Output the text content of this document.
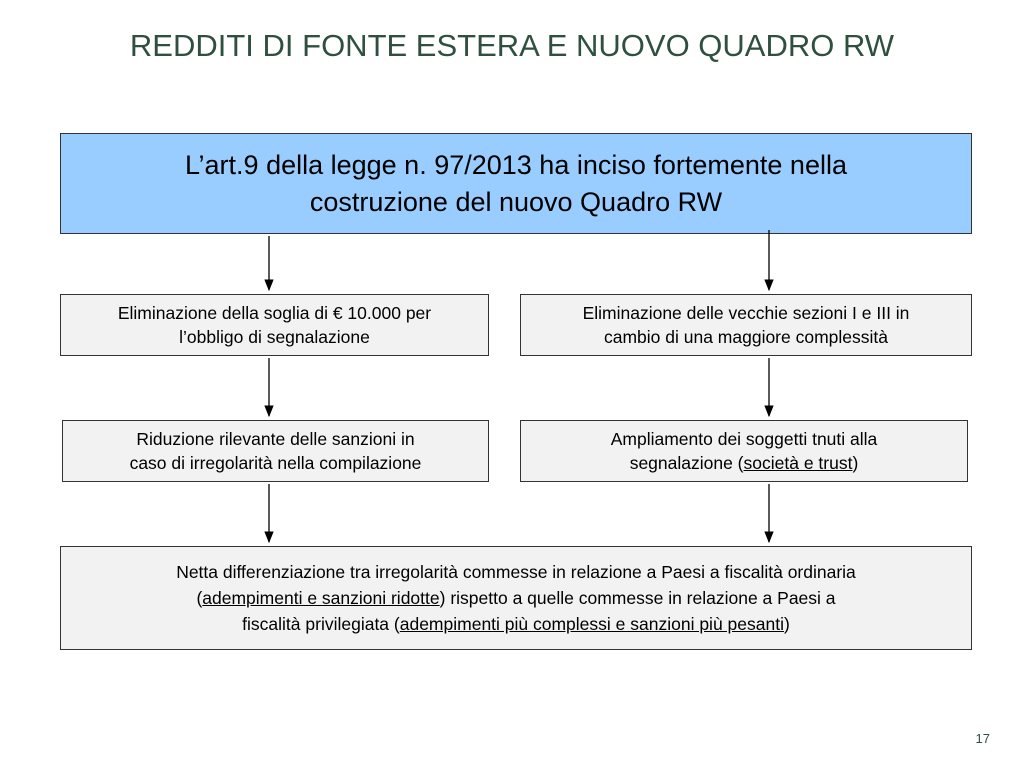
REDDITI DI FONTE ESTERA E NUOVO QUADRO RW
L’art.9 della legge n. 97/2013 ha inciso fortemente nella
costruzione del nuovo Quadro RW
Eliminazione della soglia di € 10.000 per
l’obbligo di segnalazione
Eliminazione delle vecchie sezioni I e III in
cambio di una maggiore complessità
Riduzione rilevante delle sanzioni in
caso di irregolarità nella compilazione
Ampliamento dei soggetti tnuti alla
segnalazione (società e trust)
Netta differenziazione tra irregolarità commesse in relazione a Paesi a fiscalità ordinaria
(adempimenti e sanzioni ridotte) rispetto a quelle commesse in relazione a Paesi a
fiscalità privilegiata (adempimenti più complessi e sanzioni più pesanti)
17
